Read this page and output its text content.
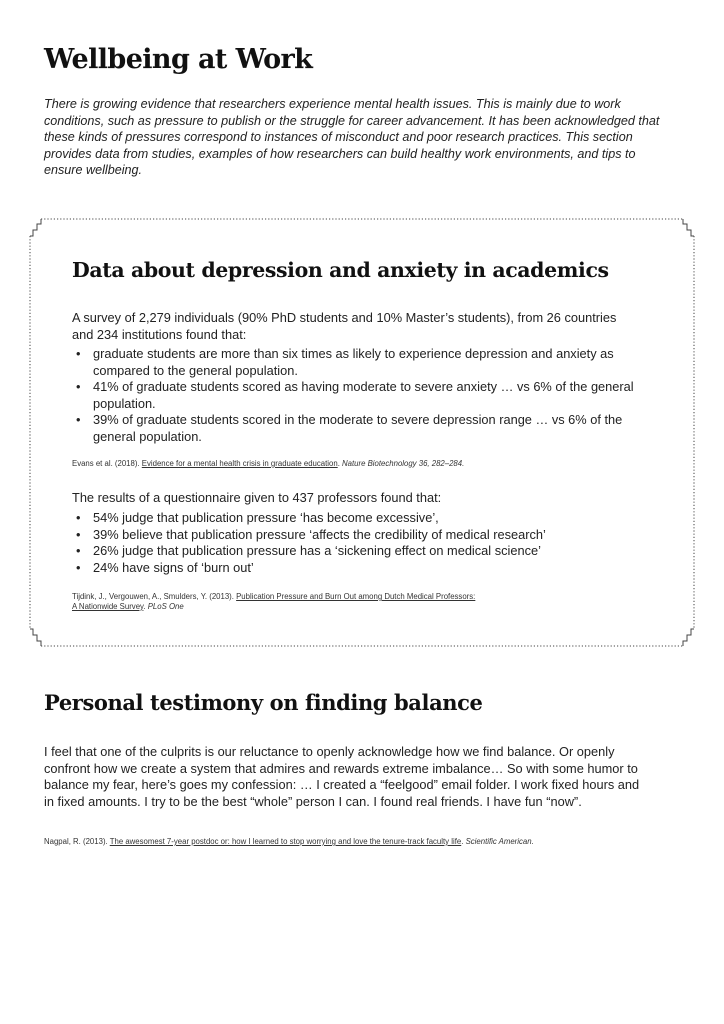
Wellbeing at Work

There is growing evidence that researchers experience mental health issues. This is mainly due to work conditions, such as pressure to publish or the struggle for career advancement. It has been acknowledged that these kinds of pressures correspond to instances of misconduct and poor research practices. This section provides data from studies, examples of how researchers can build healthy work environments, and tips to ensure wellbeing.

Data about depression and anxiety in academics

A survey of 2,279 individuals (90% PhD students and 10% Master’s students), from 26 countries and 234 institutions found that:

• graduate students are more than six times as likely to experience depression and anxiety as compared to the general population.
• 41% of graduate students scored as having moderate to severe anxiety … vs 6% of the general population.
• 39% of graduate students scored in the moderate to severe depression range … vs 6% of the general population.

Evans et al. (2018). Evidence for a mental health crisis in graduate education. Nature Biotechnology 36, 282–284.

The results of a questionnaire given to 437 professors found that:

• 54% judge that publication pressure ‘has become excessive’,
• 39% believe that publication pressure ‘affects the credibility of medical research’
• 26% judge that publication pressure has a ‘sickening effect on medical science’
• 24% have signs of ‘burn out’
Tijdink, J., Vergouwen, A., Smulders, Y. (2013). Publication Pressure and Burn Out among Dutch Medical Professors:
A Nationwide Survey. PLoS One
Personal testimony on finding balance

I feel that one of the culprits is our reluctance to openly acknowledge how we find balance. Or openly confront how we create a system that admires and rewards extreme imbalance… So with some humor to balance my fear, here’s goes my confession: … I created a “feelgood” email folder. I work fixed hours and in fixed amounts. I try to be the best “whole” person I can. I found real friends. I have fun “now”.

Nagpal, R. (2013). The awesomest 7-year postdoc or: how I learned to stop worrying and love the tenure-track faculty life. Scientific American.
